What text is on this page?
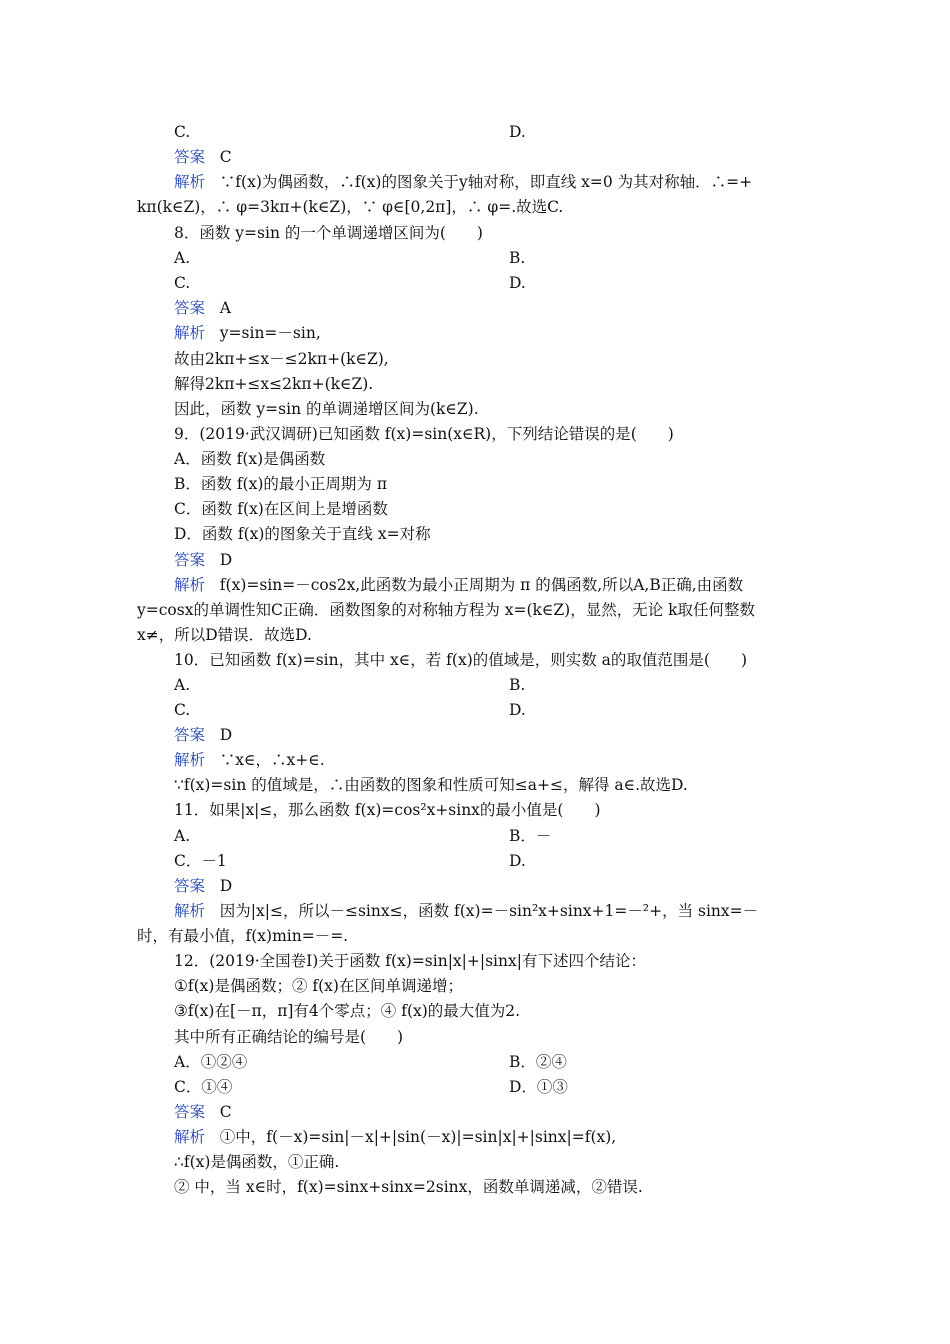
C.	D.
答案 C
解析 ∵f(x)为偶函数，∴f(x)的图象关于y轴对称，即直线 x=0 为其对称轴．∴=+
kπ(k∈Z)，∴ φ=3kπ+(k∈Z)，∵ φ∈[0,2π]，∴ φ=.故选C.
8．函数 y=sin 的一个单调递增区间为(　　)
A.	B.
C.	D.
答案 A
解析 y=sin=－sin,
故由2kπ+≤x－≤2kπ+(k∈Z),
解得2kπ+≤x≤2kπ+(k∈Z).
因此，函数 y=sin 的单调递增区间为(k∈Z).
9．(2019·武汉调研)已知函数 f(x)=sin(x∈R)，下列结论错误的是(　　)
A．函数 f(x)是偶函数
B．函数 f(x)的最小正周期为 π
C．函数 f(x)在区间上是增函数
D．函数 f(x)的图象关于直线 x=对称
答案 D
解析 f(x)=sin=－cos2x,此函数为最小正周期为 π 的偶函数,所以A,B正确,由函数
y=cosx的单调性知C正确．函数图象的对称轴方程为 x=(k∈Z)，显然，无论 k取任何整数
x≠，所以D错误．故选D.
10．已知函数 f(x)=sin，其中 x∈，若 f(x)的值域是，则实数 a的取值范围是(　　)
A.	B.
C.	D.
答案 D
解析 ∵x∈，∴x+∈.
∵f(x)=sin 的值域是，∴由函数的图象和性质可知≤a+≤，解得 a∈.故选D.
11．如果|x|≤，那么函数 f(x)=cos²x+sinx的最小值是(　　)
A.	B．－
C．－1	D.
答案 D
解析 因为|x|≤，所以－≤sinx≤，函数 f(x)=－sin²x+sinx+1=－²+，当 sinx=－
时，有最小值，f(x)min=－=.
12．(2019·全国卷Ⅰ)关于函数 f(x)=sin|x|+|sinx|有下述四个结论：
①f(x)是偶函数；② f(x)在区间单调递增；
③f(x)在[－π，π]有4个零点；④ f(x)的最大值为2.
其中所有正确结论的编号是(　　)
A．①②④	B．②④
C．①④	D．①③
答案 C
解析 ①中，f(－x)=sin|－x|+|sin(－x)|=sin|x|+|sinx|=f(x),
∴f(x)是偶函数，①正确.
② 中，当 x∈时，f(x)=sinx+sinx=2sinx，函数单调递减，②错误.
